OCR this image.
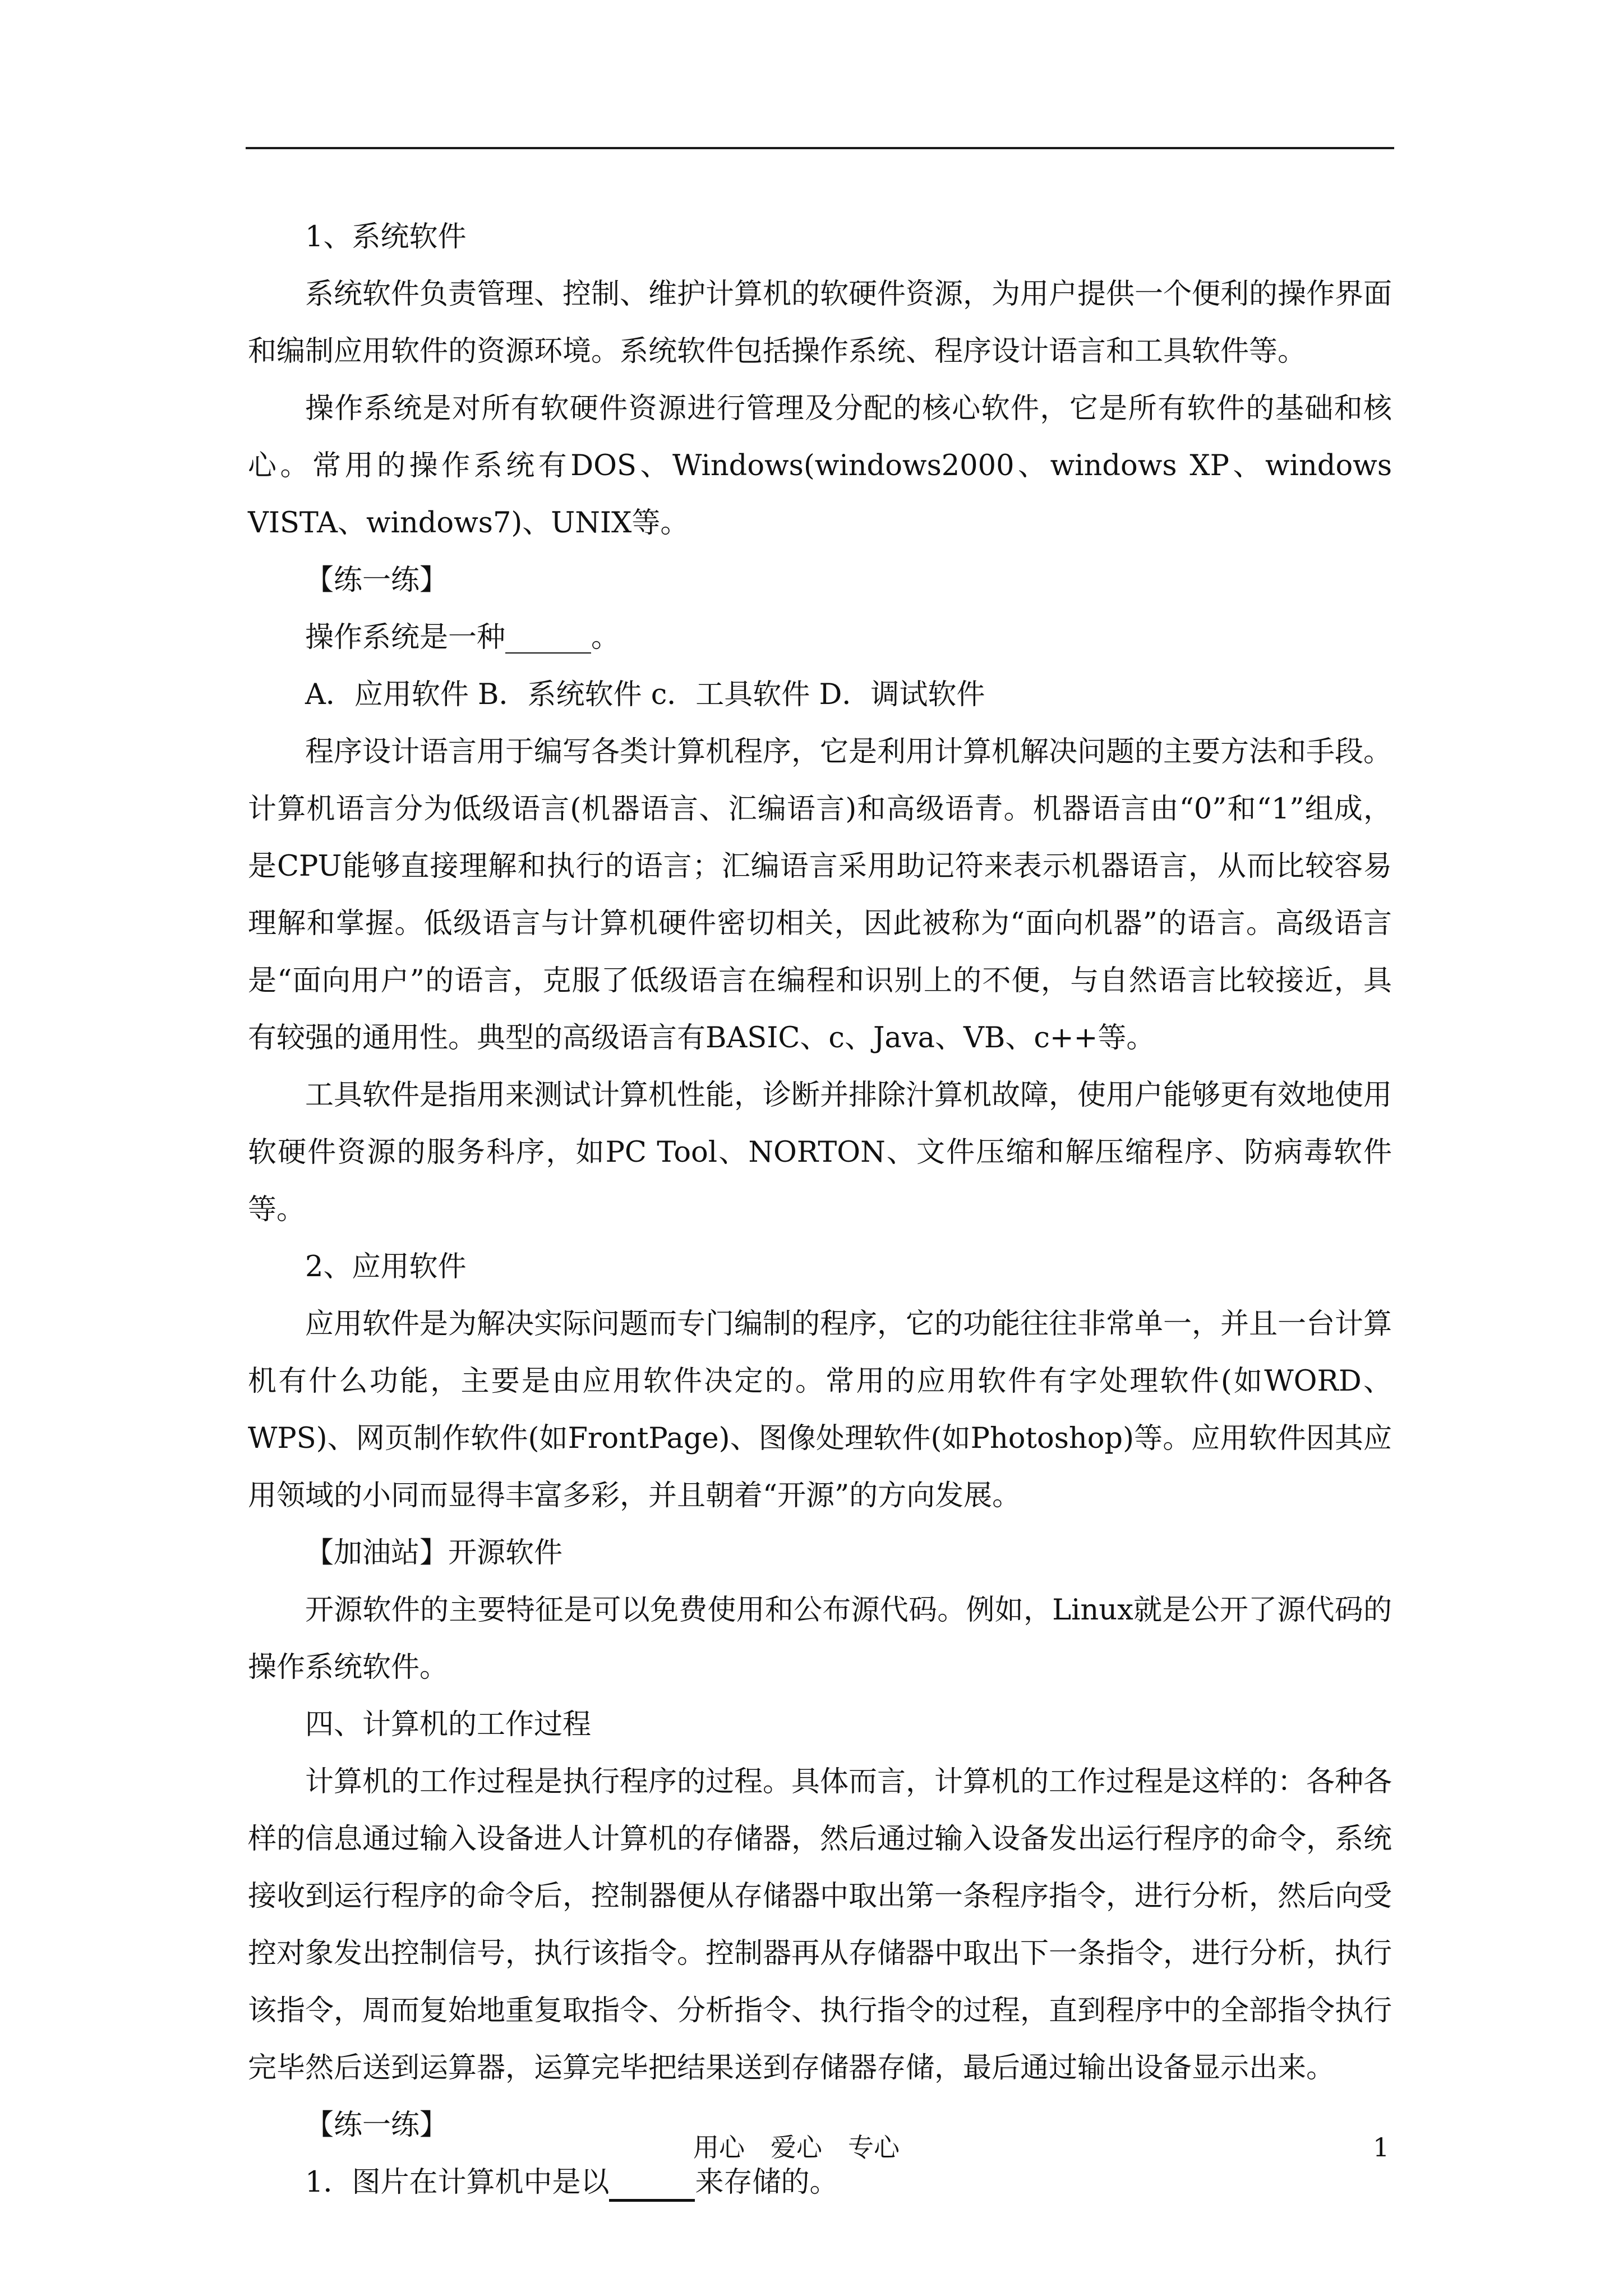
1、系统软件

系统软件负责管理、控制、维护计算机的软硬件资源，为用户提供一个便利的操作界面和编制应用软件的资源环境。系统软件包括操作系统、程序设计语言和工具软件等。

操作系统是对所有软硬件资源进行管理及分配的核心软件，它是所有软件的基础和核心。常用的操作系统有DOS、Windows(windows2000、windows XP、windows VISTA、windows7)、UNIX等。

【练一练】

操作系统是一种______。

A．应用软件 B．系统软件 c．工具软件 D．调试软件

程序设计语言用于编写各类计算机程序，它是利用计算机解决问题的主要方法和手段。计算机语言分为低级语言(机器语言、汇编语言)和高级语青。机器语言由“0”和“1”组成，是CPU能够直接理解和执行的语言；汇编语言采用助记符来表示机器语言，从而比较容易理解和掌握。低级语言与计算机硬件密切相关，因此被称为“面向机器”的语言。高级语言是“面向用户”的语言，克服了低级语言在编程和识别上的不便，与自然语言比较接近，具有较强的通用性。典型的高级语言有BASIC、c、Java、VB、c++等。

工具软件是指用来测试计算机性能，诊断并排除汁算机故障，使用户能够更有效地使用软硬件资源的服务科序，如PC Tool、NORTON、文件压缩和解压缩程序、防病毒软件等。

2、应用软件

应用软件是为解决实际问题而专门编制的程序，它的功能往往非常单一，并且一台计算机有什么功能，主要是由应用软件决定的。常用的应用软件有字处理软件(如WORD、WPS)、网页制作软件(如FrontPage)、图像处理软件(如Photoshop)等。应用软件因其应用领域的小同而显得丰富多彩，并且朝着“开源”的方向发展。

【加油站】开源软件

开源软件的主要特征是可以免费使用和公布源代码。例如，Linux就是公开了源代码的操作系统软件。

四、计算机的工作过程

计算机的工作过程是执行程序的过程。具体而言，计算机的工作过程是这样的：各种各样的信息通过输入设备进人计算机的存储器，然后通过输入设备发出运行程序的命令，系统接收到运行程序的命令后，控制器便从存储器中取出第一条程序指令，进行分析，然后向受控对象发出控制信号，执行该指令。控制器再从存储器中取出下一条指令，进行分析，执行该指令，周而复始地重复取指令、分析指令、执行指令的过程，直到程序中的全部指令执行完毕然后送到运算器，运算完毕把结果送到存储器存储，最后通过输出设备显示出来。

【练一练】

1．图片在计算机中是以　　　	来存储的。

用心　爱心　专心	1
